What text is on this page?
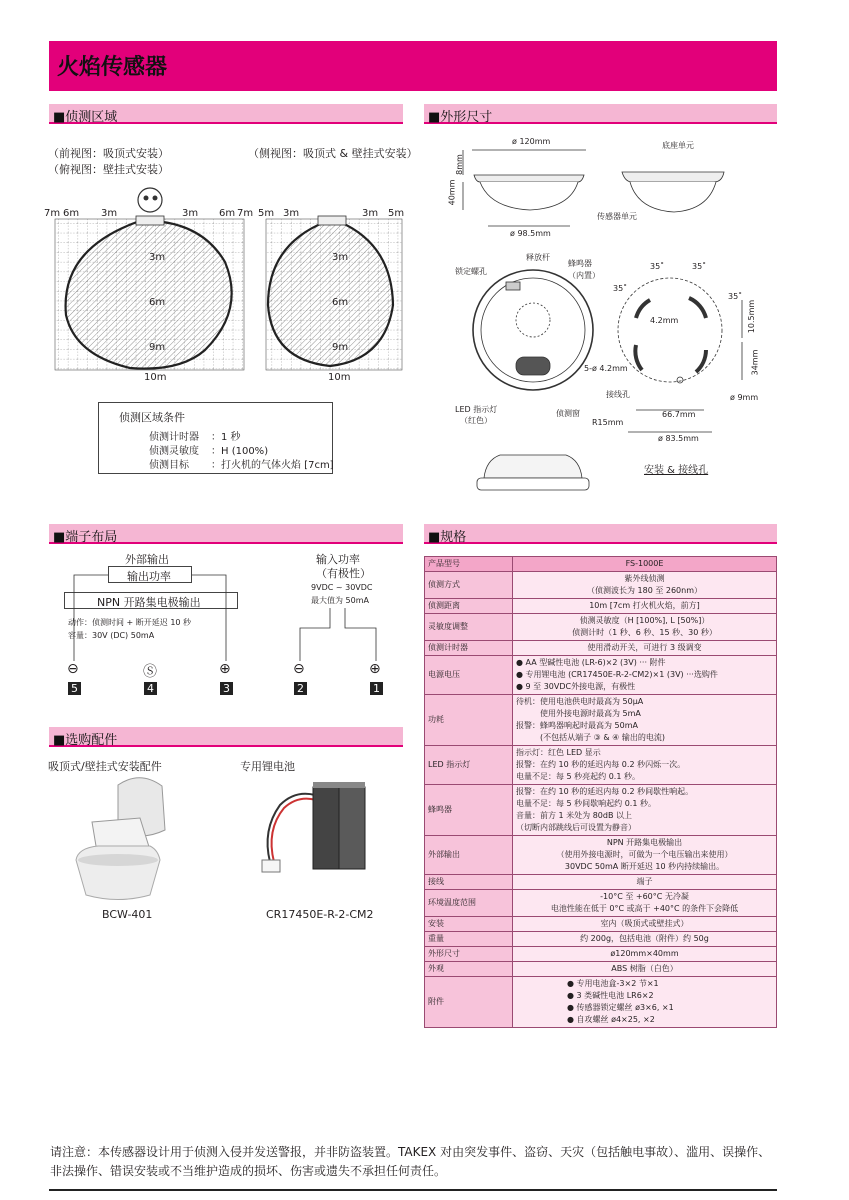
火焰传感器
■侦测区域	■外形尺寸
■端子布局	■规格
■选购配件
（前视图：吸顶式安装）
（俯视图：壁挂式安装）
（侧视图：吸顶式 & 壁挂式安装）
7m 6m 3m	3m 6m 7m 5m 3m	3m 5m
3m
6m
9m
3m
6m
9m
10m	10m
侦测区域条件
侦测计时器 ：1 秒
侦测灵敏度 ：H (100%)
侦测目标 ：打火机的气体火焰 [7cm]
ø 120mm
8mm
40mm
ø 98.5mm
底座单元
传感器单元
释放杆
蜂鸣器
（内置）
锁定螺孔
LED 指示灯
（红色）
侦测窗
35˚
35˚	35˚
35˚
4.2mm
5-ø 4.2mm
接线孔	ø 9mm
R15mm
66.7mm
ø 83.5mm
10.5mm
34mm
安装 & 接线孔
外部输出
输出功率
NPN 开路集电极输出
动作：侦测时间 + 断开延迟 10 秒
容量：30V (DC) 50mA
输入功率
（有极性）
9VDC ~ 30VDC
最大值为 50mA
⊖	Ⓢ	⊕	⊖	⊕
5	4	3	2	1
吸顶式/壁挂式安装配件	专用锂电池
BCW-401	CR17450E-R-2-CM2
产品型号	FS-1000E

侦测方式	紫外线侦测
（侦测波长为 180 至 260nm）

侦测距离	10m [7cm 打火机火焰，前方]

灵敏度调整	侦测灵敏度（H [100%], L [50%]）
侦测计时（1 秒、6 秒、15 秒、30 秒）

侦测计时器	使用滑动开关，可进行 3 级调变

电源电压	● AA 型碱性电池 (LR-6)×2 (3V) ··· 附件
● 专用锂电池 (CR17450E-R-2-CM2)×1 (3V) ···选购件
● 9 至 30VDC外接电源，有极性

功耗	待机：使用电池供电时最高为 50μA
　　　使用外接电源时最高为 5mA
报警：蜂鸣器响起时最高为 50mA
　　　(不包括从端子 ③ & ④ 输出的电流)

LED 指示灯	指示灯：红色 LED 显示
报警：在约 10 秒的延迟内每 0.2 秒闪烁一次。
电量不足：每 5 秒亮起约 0.1 秒。

蜂鸣器	报警：在约 10 秒的延迟内每 0.2 秒间歇性响起。
电量不足：每 5 秒间歇响起约 0.1 秒。
音量：前方 1 米处为 80dB 以上
（切断内部跳线后可设置为静音）

外部输出	NPN 开路集电极输出
（使用外接电源时，可做为一个电压输出来使用）
30VDC 50mA 断开延迟 10 秒内持续输出。

接线	端子

环境温度范围	-10°C 至 +60°C 无冷凝
电池性能在低于 0°C 或高于 +40°C 的条件下会降低

安装	室内（吸顶式或壁挂式）

重量	约 200g，包括电池（附件）约 50g

外形尺寸	ø120mm×40mm

外观	ABS 树脂（白色）

附件	● 专用电池盒-3×2 节×1
● 3 类碱性电池 LR6×2
● 传感器锁定螺丝 ø3×6, ×1
● 自攻螺丝 ø4×25, ×2
请注意：本传感器设计用于侦测入侵并发送警报，并非防盗装置。TAKEX 对由突发事件、盗窃、天灾（包括触电事故）、滥用、误操作、非法操作、错误安装或不当维护造成的损坏、伤害或遗失不承担任何责任。
